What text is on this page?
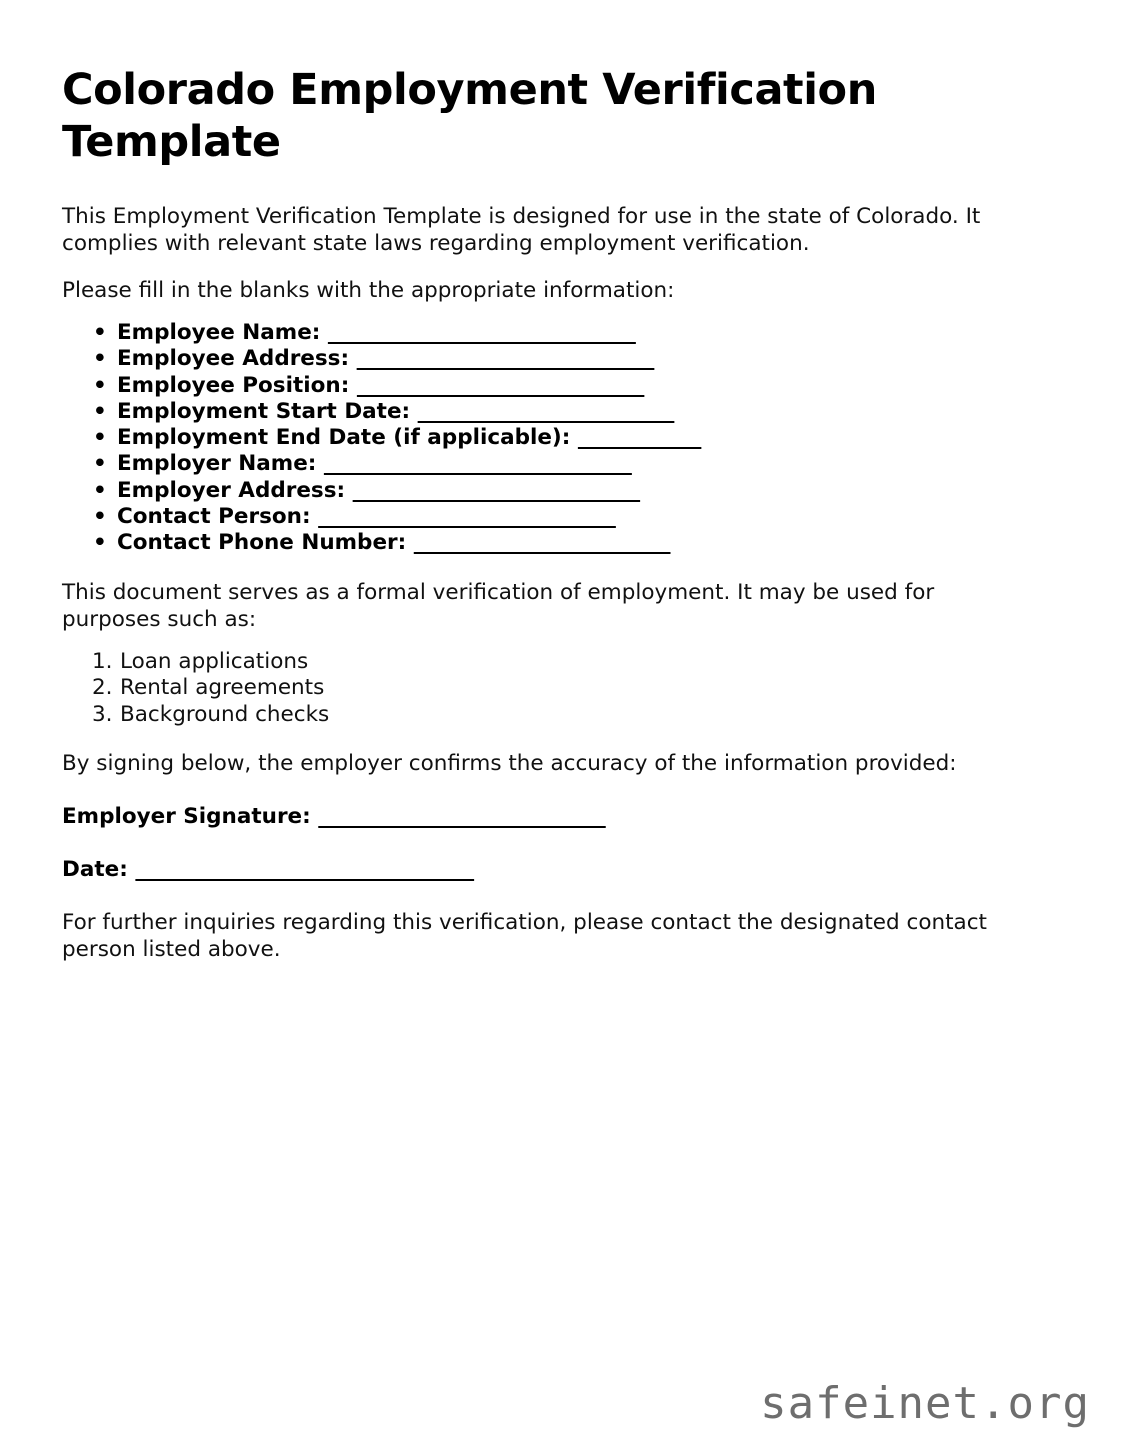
Colorado Employment Verification Template

This Employment Verification Template is designed for use in the state of Colorado. It complies with relevant state laws regarding employment verification.

Please fill in the blanks with the appropriate information:

• Employee Name: ______________________________
• Employee Address: _____________________________
• Employee Position: ____________________________
• Employment Start Date: _________________________
• Employment End Date (if applicable): ____________
• Employer Name: ______________________________
• Employer Address: ____________________________
• Contact Person: _____________________________
• Contact Phone Number: _________________________

This document serves as a formal verification of employment. It may be used for purposes such as:

1. Loan applications
2. Rental agreements
3. Background checks

By signing below, the employer confirms the accuracy of the information provided:

Employer Signature: ____________________________

Date: _________________________________

For further inquiries regarding this verification, please contact the designated contact person listed above.

safeinet.org
